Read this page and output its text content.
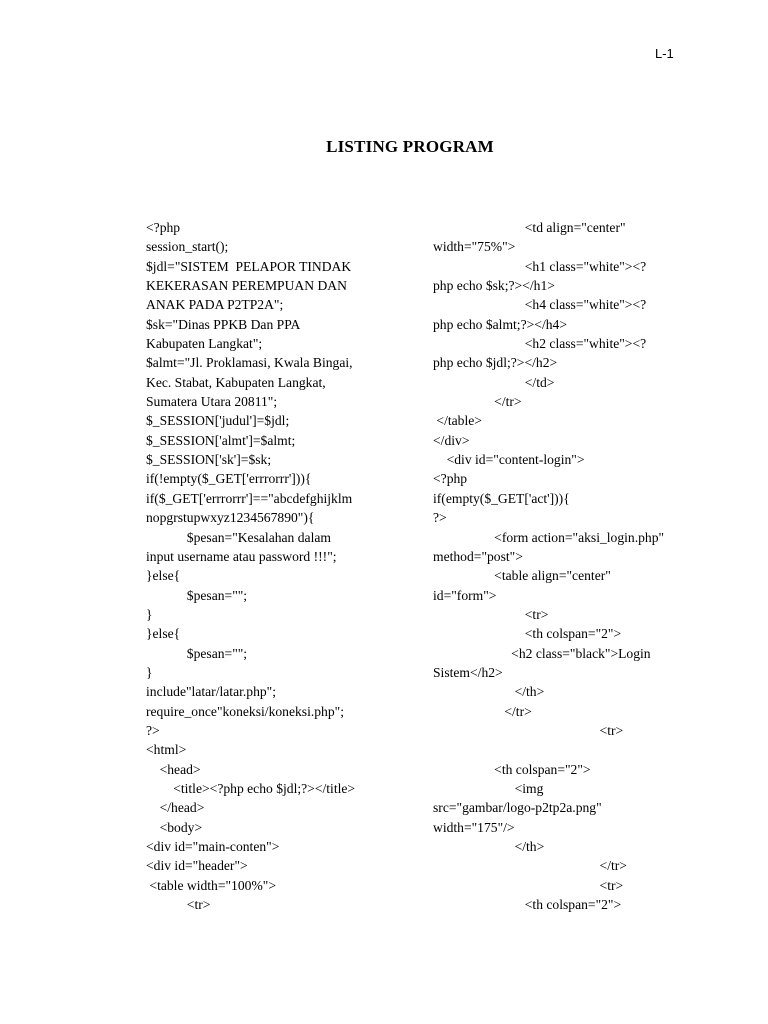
L-1
LISTING PROGRAM
<?php
session_start();
$jdl="SISTEM  PELAPOR TINDAK
KEKERASAN PEREMPUAN DAN
ANAK PADA P2TP2A";
$sk="Dinas PPKB Dan PPA
Kabupaten Langkat";
$almt="Jl. Proklamasi, Kwala Bingai,
Kec. Stabat, Kabupaten Langkat,
Sumatera Utara 20811";
$_SESSION['judul']=$jdl;
$_SESSION['almt']=$almt;
$_SESSION['sk']=$sk;
if(!empty($_GET['errrorrr'])){
if($_GET['errrorrr']=="abcdefghijklm
nopgrstupwxyz1234567890"){
$pesan="Kesalahan dalam
input username atau password !!!";
}else{
$pesan="";
}
}else{
$pesan="";
}
include"latar/latar.php";
require_once"koneksi/koneksi.php";
?>
<html>
<head>
<title><?php echo $jdl;?></title>
</head>
<body>
<div id="main-conten">
<div id="header">
<table width="100%">
<tr>
<td align="center"
width="75%">
<h1 class="white"><?
php echo $sk;?></h1>
<h4 class="white"><?
php echo $almt;?></h4>
<h2 class="white"><?
php echo $jdl;?></h2>
</td>
</tr>
</table>
</div>
<div id="content-login">
<?php
if(empty($_GET['act'])){
?>
<form action="aksi_login.php"
method="post">
<table align="center"
id="form">
<tr>
<th colspan="2">
<h2 class="black">Login
Sistem</h2>
</th>
</tr>
<tr>
<th colspan="2">
<img
src="gambar/logo-p2tp2a.png"
width="175"/>
</th>
</tr>
<tr>
<th colspan="2">
